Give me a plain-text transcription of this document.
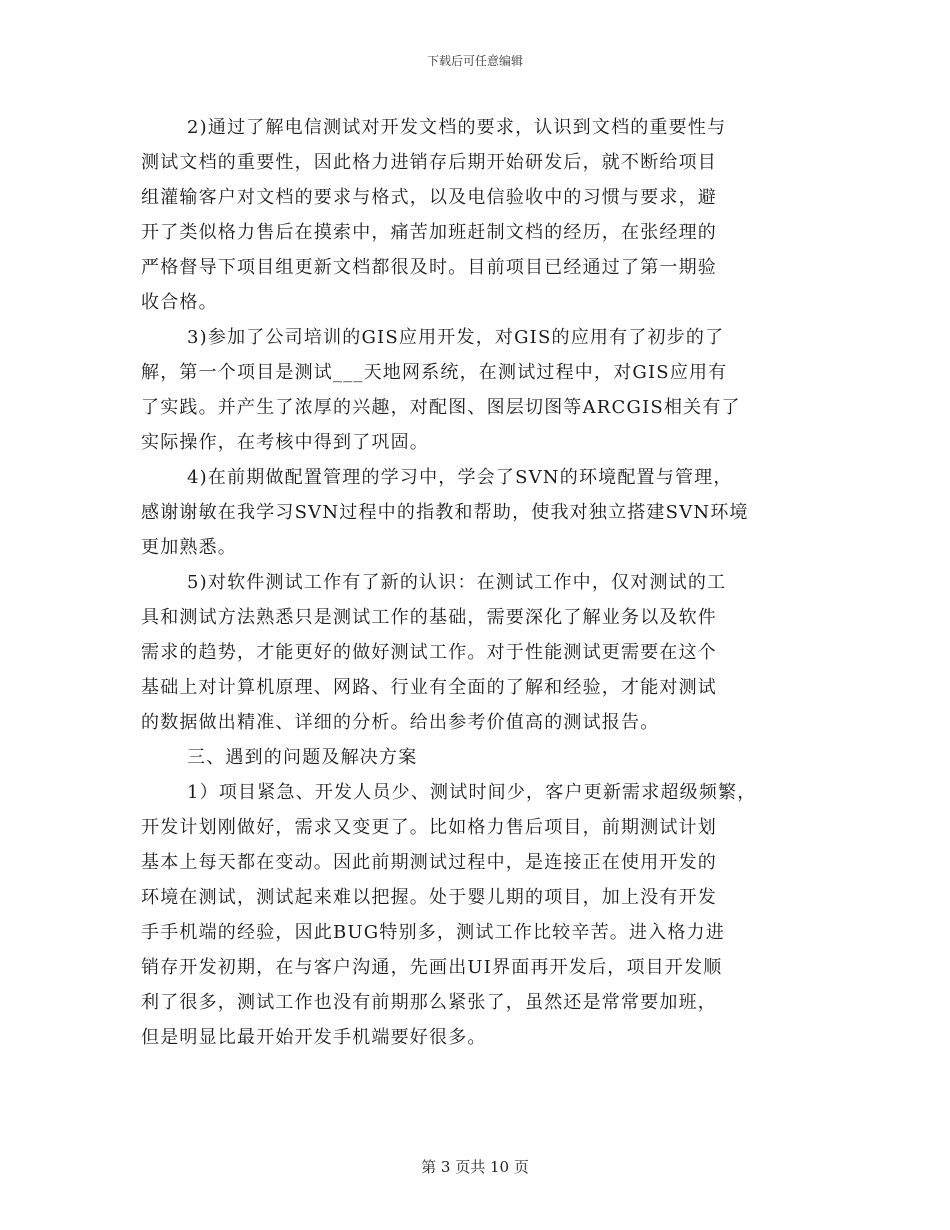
下载后可任意编辑
2)通过了解电信测试对开发文档的要求，认识到文档的重要性与
测试文档的重要性，因此格力进销存后期开始研发后，就不断给项目
组灌输客户对文档的要求与格式，以及电信验收中的习惯与要求，避
开了类似格力售后在摸索中，痛苦加班赶制文档的经历，在张经理的
严格督导下项目组更新文档都很及时。目前项目已经通过了第一期验
收合格。
3)参加了公司培训的GIS应用开发，对GIS的应用有了初步的了
解，第一个项目是测试___天地网系统，在测试过程中，对GIS应用有
了实践。并产生了浓厚的兴趣，对配图、图层切图等ARCGIS相关有了
实际操作，在考核中得到了巩固。
4)在前期做配置管理的学习中，学会了SVN的环境配置与管理，
感谢谢敏在我学习SVN过程中的指教和帮助，使我对独立搭建SVN环境
更加熟悉。
5)对软件测试工作有了新的认识：在测试工作中，仅对测试的工
具和测试方法熟悉只是测试工作的基础，需要深化了解业务以及软件
需求的趋势，才能更好的做好测试工作。对于性能测试更需要在这个
基础上对计算机原理、网路、行业有全面的了解和经验，才能对测试
的数据做出精准、详细的分析。给出参考价值高的测试报告。
三、遇到的问题及解决方案
1）项目紧急、开发人员少、测试时间少，客户更新需求超级频繁，
开发计划刚做好，需求又变更了。比如格力售后项目，前期测试计划
基本上每天都在变动。因此前期测试过程中，是连接正在使用开发的
环境在测试，测试起来难以把握。处于婴儿期的项目，加上没有开发
手手机端的经验，因此BUG特别多，测试工作比较辛苦。进入格力进
销存开发初期，在与客户沟通，先画出UI界面再开发后，项目开发顺
利了很多，测试工作也没有前期那么紧张了，虽然还是常常要加班，
但是明显比最开始开发手机端要好很多。
第 3 页共 10 页
